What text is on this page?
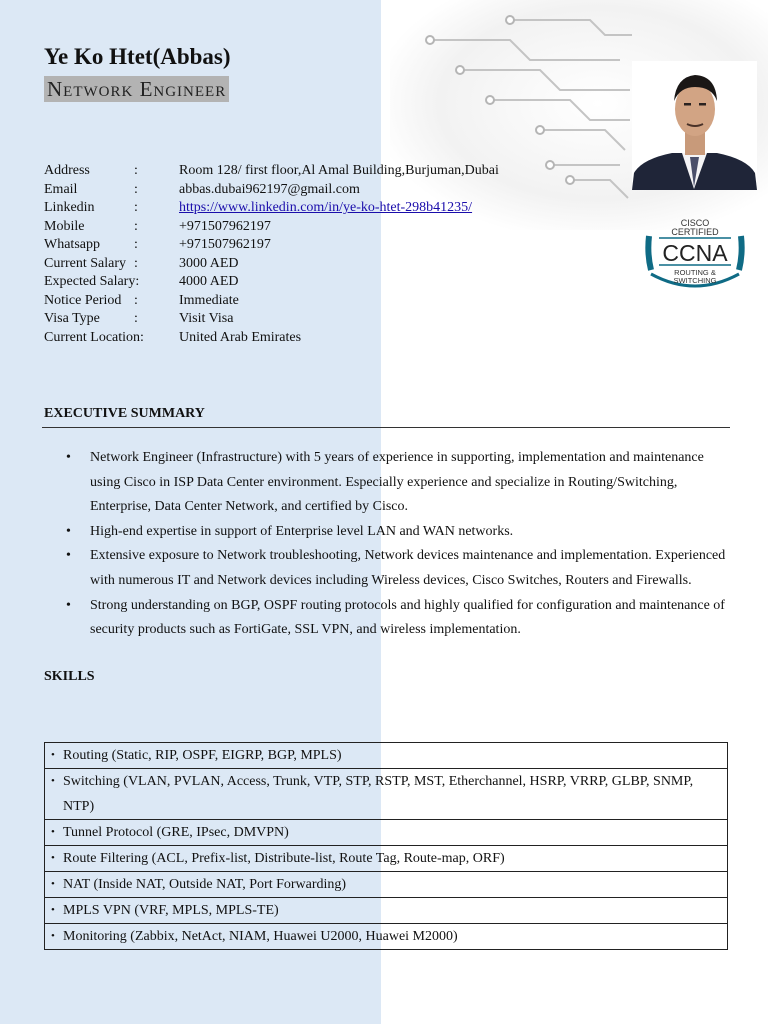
Ye Ko Htet(Abbas)
Network Engineer
CISCO
CERTIFIED
CCNA
ROUTING &
SWITCHING
Address	:	Room 128/ first floor,Al Amal Building,Burjuman,Dubai
Email	:	abbas.dubai962197@gmail.com
Linkedin	:	https://www.linkedin.com/in/ye-ko-htet-298b41235/
Mobile	:	+971507962197
Whatsapp :	+971507962197
Current Salary :	3000 AED
Expected Salary:	4000 AED
Notice Period :	Immediate
Visa Type :	Visit Visa
Current Location:	United Arab Emirates
EXECUTIVE SUMMARY
• Network Engineer (Infrastructure) with 5 years of experience in supporting, implementation and maintenance using Cisco in ISP Data Center environment. Especially experience and specialize in Routing/Switching, Enterprise, Data Center Network, and certified by Cisco.
• High-end expertise in support of Enterprise level LAN and WAN networks.
• Extensive exposure to Network troubleshooting, Network devices maintenance and implementation. Experienced with numerous IT and Network devices including Wireless devices, Cisco Switches, Routers and Firewalls.
• Strong understanding on BGP, OSPF routing protocols and highly qualified for configuration and maintenance of security products such as FortiGate, SSL VPN, and wireless implementation.
SKILLS
• Routing (Static, RIP, OSPF, EIGRP, BGP, MPLS)
• Switching (VLAN, PVLAN, Access, Trunk, VTP, STP, RSTP, MST, Etherchannel, HSRP, VRRP, GLBP, SNMP, NTP)
• Tunnel Protocol (GRE, IPsec, DMVPN)
• Route Filtering (ACL, Prefix-list, Distribute-list, Route Tag, Route-map, ORF)
• NAT (Inside NAT, Outside NAT, Port Forwarding)
• MPLS VPN (VRF, MPLS, MPLS-TE)
• Monitoring (Zabbix, NetAct, NIAM, Huawei U2000, Huawei M2000)
